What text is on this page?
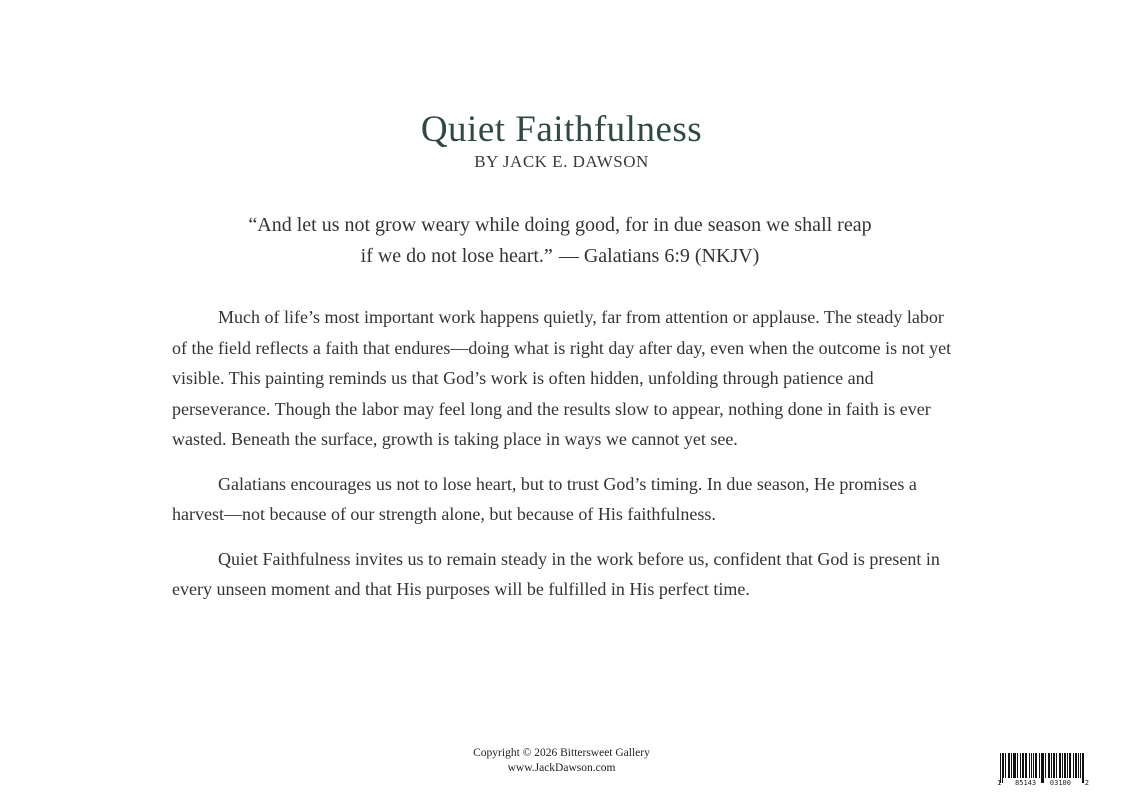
Quiet Faithfulness
BY JACK E. DAWSON
“And let us not grow weary while doing good, for in due season we shall reap
if we do not lose heart.” — Galatians 6:9 (NKJV)

Much of life’s most important work happens quietly, far from attention or applause. The steady labor of the field reflects a faith that endures—doing what is right day after day, even when the outcome is not yet visible. This painting reminds us that God’s work is often hidden, unfolding through patience and perseverance. Though the labor may feel long and the results slow to appear, nothing done in faith is ever wasted. Beneath the surface, growth is taking place in ways we cannot yet see.

Galatians encourages us not to lose heart, but to trust God’s timing. In due season, He promises a harvest—not because of our strength alone, but because of His faithfulness.

Quiet Faithfulness invites us to remain steady in the work before us, confident that God is present in every unseen moment and that His purposes will be fulfilled in His perfect time.

Copyright © 2026 Bittersweet Gallery
www.JackDawson.com
1 85143 03100 2
